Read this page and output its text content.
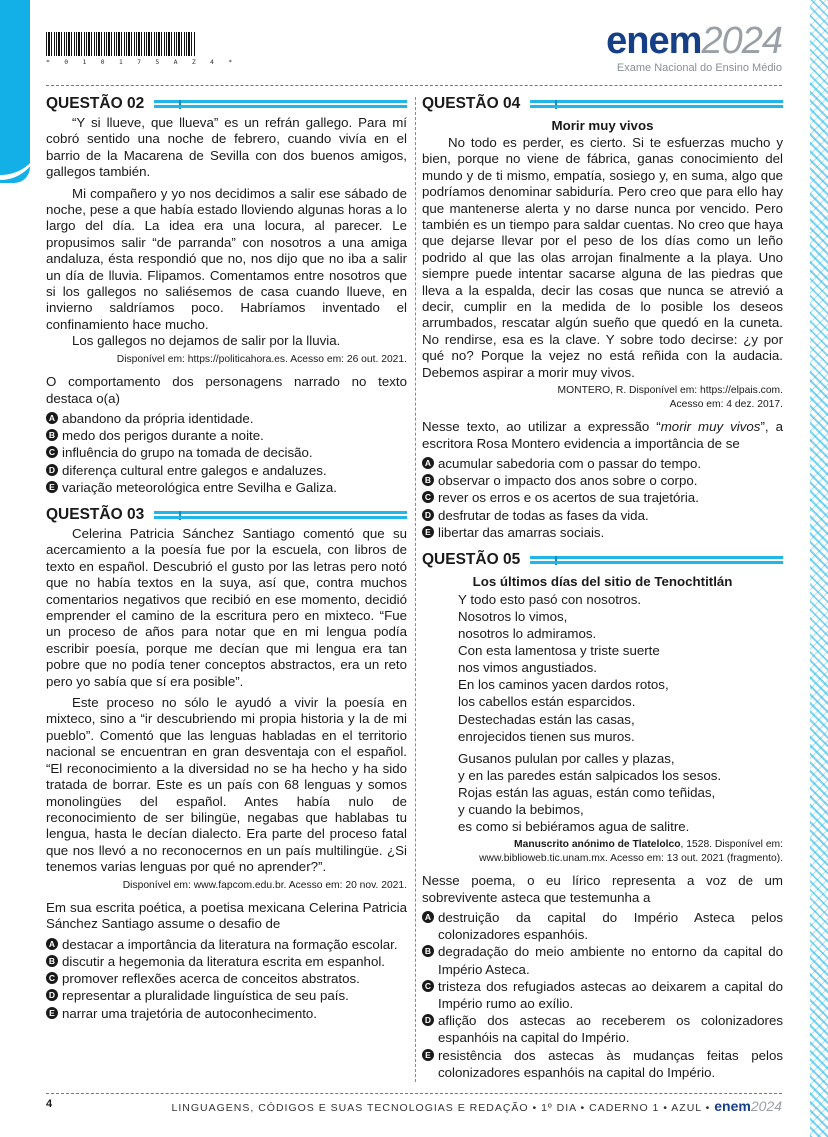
* 0 1 0 1 7 5 A Z 4 *	enem2024
Exame Nacional do Ensino Médio
QUESTÃO 02

“Y si llueve, que llueva” es un refrán gallego. Para mí cobró sentido una noche de febrero, cuando vivía en el barrio de la Macarena de Sevilla con dos buenos amigos, gallegos también.

Mi compañero y yo nos decidimos a salir ese sábado de noche, pese a que había estado lloviendo algunas horas a lo largo del día. La idea era una locura, al parecer. Le propusimos salir “de parranda” con nosotros a una amiga andaluza, ésta respondió que no, nos dijo que no iba a salir un día de lluvia. Flipamos. Comentamos entre nosotros que si los gallegos no saliésemos de casa cuando llueve, en invierno saldríamos poco. Habríamos inventado el confinamiento hace mucho.

Los gallegos no dejamos de salir por la lluvia.

Disponível em: https://politicahora.es. Acesso em: 26 out. 2021.

O comportamento dos personagens narrado no texto destaca o(a)

A abandono da própria identidade.
B medo dos perigos durante a noite.
C influência do grupo na tomada de decisão.
D diferença cultural entre galegos e andaluzes.
E variação meteorológica entre Sevilha e Galiza.
QUESTÃO 03

Celerina Patricia Sánchez Santiago comentó que su acercamiento a la poesía fue por la escuela, con libros de texto en español. Descubrió el gusto por las letras pero notó que no había textos en la suya, así que, contra muchos comentarios negativos que recibió en ese momento, decidió emprender el camino de la escritura pero en mixteco. “Fue un proceso de años para notar que en mi lengua podía escribir poesía, porque me decían que mi lengua era tan pobre que no podía tener conceptos abstractos, era un reto pero yo sabía que sí era posible”.

Este proceso no sólo le ayudó a vivir la poesía en mixteco, sino a “ir descubriendo mi propia historia y la de mi pueblo”. Comentó que las lenguas habladas en el territorio nacional se encuentran en gran desventaja con el español. “El reconocimiento a la diversidad no se ha hecho y ha sido tratada de borrar. Este es un país con 68 lenguas y somos monolingües del español. Antes había nulo de reconocimiento de ser bilingüe, negabas que hablabas tu lengua, hasta le decían dialecto. Era parte del proceso fatal que nos llevó a no reconocernos en un país multilingüe. ¿Si tenemos varias lenguas por qué no aprender?”.

Disponível em: www.fapcom.edu.br. Acesso em: 20 nov. 2021.

Em sua escrita poética, a poetisa mexicana Celerina Patricia Sánchez Santiago assume o desafio de

A destacar a importância da literatura na formação escolar.
B discutir a hegemonia da literatura escrita em espanhol.
C promover reflexões acerca de conceitos abstratos.
D representar a pluralidade linguística de seu país.
E narrar uma trajetória de autoconhecimento.
QUESTÃO 04

Morir muy vivos

No todo es perder, es cierto. Si te esfuerzas mucho y bien, porque no viene de fábrica, ganas conocimiento del mundo y de ti mismo, empatía, sosiego y, en suma, algo que podríamos denominar sabiduría. Pero creo que para ello hay que mantenerse alerta y no darse nunca por vencido. Pero también es un tiempo para saldar cuentas. No creo que haya que dejarse llevar por el peso de los días como un leño podrido al que las olas arrojan finalmente a la playa. Uno siempre puede intentar sacarse alguna de las piedras que lleva a la espalda, decir las cosas que nunca se atrevió a decir, cumplir en la medida de lo posible los deseos arrumbados, rescatar algún sueño que quedó en la cuneta. No rendirse, esa es la clave. Y sobre todo decirse: ¿y por qué no? Porque la vejez no está reñida con la audacia. Debemos aspirar a morir muy vivos.

MONTERO, R. Disponível em: https://elpais.com.
Acesso em: 4 dez. 2017.

Nesse texto, ao utilizar a expressão “morir muy vivos”, a escritora Rosa Montero evidencia a importância de se

A acumular sabedoria com o passar do tempo.
B observar o impacto dos anos sobre o corpo.
C rever os erros e os acertos de sua trajetória.
D desfrutar de todas as fases da vida.
E libertar das amarras sociais.
QUESTÃO 05

Los últimos días del sitio de Tenochtitlán

Y todo esto pasó con nosotros.
Nosotros lo vimos,
nosotros lo admiramos.
Con esta lamentosa y triste suerte
nos vimos angustiados.
En los caminos yacen dardos rotos,
los cabellos están esparcidos.
Destechadas están las casas,
enrojecidos tienen sus muros.
Gusanos pululan por calles y plazas,
y en las paredes están salpicados los sesos.
Rojas están las aguas, están como teñidas,
y cuando la bebimos,
es como si bebiéramos agua de salitre.

Manuscrito anónimo de Tlatelolco, 1528. Disponível em:
www.biblioweb.tic.unam.mx. Acesso em: 13 out. 2021 (fragmento).

Nesse poema, o eu lírico representa a voz de um sobrevivente asteca que testemunha a

A destruição da capital do Império Asteca pelos colonizadores espanhóis.
B degradação do meio ambiente no entorno da capital do Império Asteca.
C tristeza dos refugiados astecas ao deixarem a capital do Império rumo ao exílio.
D aflição dos astecas ao receberem os colonizadores espanhóis na capital do Império.
E resistência dos astecas às mudanças feitas pelos colonizadores espanhóis na capital do Império.
4	LINGUAGENS, CÓDIGOS E SUAS TECNOLOGIAS E REDAÇÃO • 1º DIA • CADERNO 1 • AZUL • enem2024
